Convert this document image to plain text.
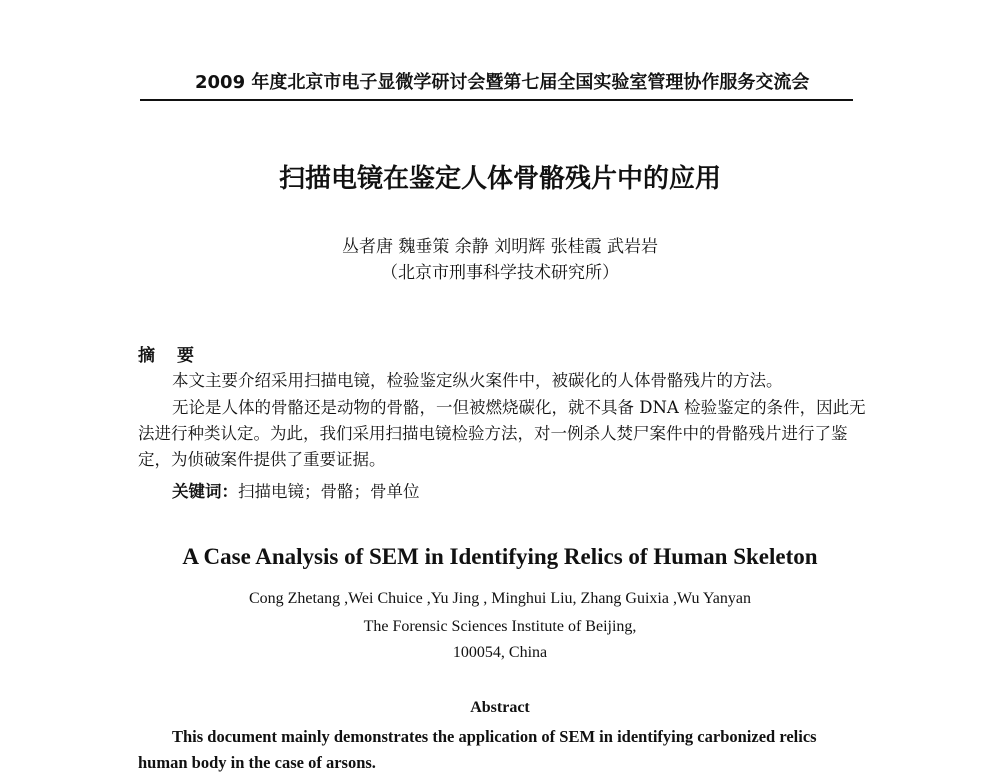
2009 年度北京市电子显微学研讨会暨第七届全国实验室管理协作服务交流会
扫描电镜在鉴定人体骨骼残片中的应用
丛者唐 魏垂策 余静 刘明辉 张桂霞 武岩岩
（北京市刑事科学技术研究所）
摘要
本文主要介绍采用扫描电镜，检验鉴定纵火案件中，被碳化的人体骨骼残片的方法。
无论是人体的骨骼还是动物的骨骼，一但被燃烧碳化，就不具备 DNA 检验鉴定的条件，因此无法进行种类认定。为此，我们采用扫描电镜检验方法，对一例杀人焚尸案件中的骨骼残片进行了鉴定，为侦破案件提供了重要证据。
关键词：扫描电镜；骨骼；骨单位
A Case Analysis of SEM in Identifying Relics of Human Skeleton
Cong Zhetang ,Wei Chuice ,Yu Jing , Minghui Liu, Zhang Guixia ,Wu Yanyan
The Forensic Sciences Institute of Beijing,
100054, China
Abstract
This document mainly demonstrates the application of SEM in identifying carbonized relics human body in the case of arsons.
